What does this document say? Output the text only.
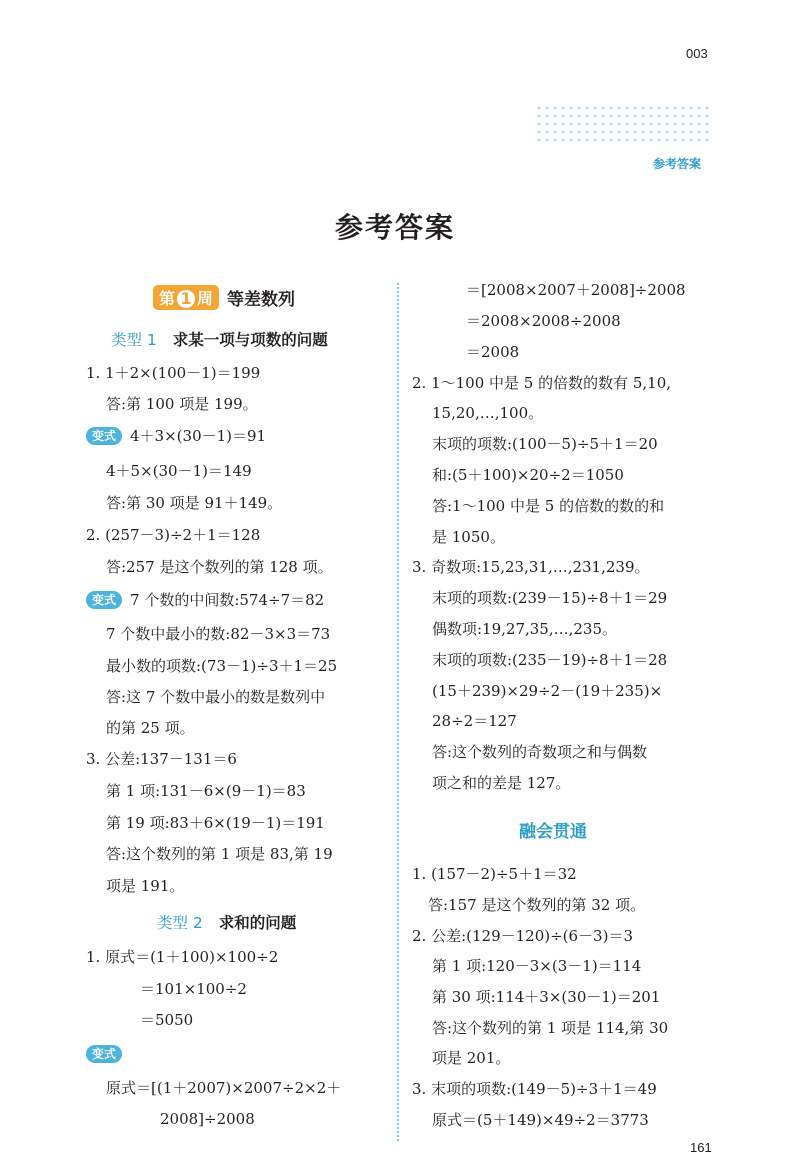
003
参考答案
参考答案
第 1 周 等差数列
类型 1 求某一项与项数的问题
1. 1＋2×(100－1)＝199
答:第 100 项是 199。
变式 4＋3×(30－1)＝91
4＋5×(30－1)＝149
答:第 30 项是 91＋149。
2. (257－3)÷2＋1＝128
答:257 是这个数列的第 128 项。
变式 7 个数的中间数:574÷7＝82
7 个数中最小的数:82－3×3＝73
最小数的项数:(73－1)÷3＋1＝25
答:这 7 个数中最小的数是数列中
的第 25 项。
3. 公差:137－131＝6
第 1 项:131－6×(9－1)＝83
第 19 项:83＋6×(19－1)＝191
答:这个数列的第 1 项是 83,第 19
项是 191。
类型 2 求和的问题
1. 原式＝(1＋100)×100÷2
＝101×100÷2
＝5050
变式
原式＝[(1＋2007)×2007÷2×2＋
2008]÷2008
＝[2008×2007＋2008]÷2008
＝2008×2008÷2008
＝2008
2. 1～100 中是 5 的倍数的数有 5,10,
15,20,…,100。
末项的项数:(100－5)÷5＋1＝20
和:(5＋100)×20÷2＝1050
答:1～100 中是 5 的倍数的数的和
是 1050。
3. 奇数项:15,23,31,…,231,239。
末项的项数:(239－15)÷8＋1＝29
偶数项:19,27,35,…,235。
末项的项数:(235－19)÷8＋1＝28
(15＋239)×29÷2－(19＋235)×
28÷2＝127
答:这个数列的奇数项之和与偶数
项之和的差是 127。
融会贯通
1. (157－2)÷5＋1＝32
答:157 是这个数列的第 32 项。
2. 公差:(129－120)÷(6－3)＝3
第 1 项:120－3×(3－1)＝114
第 30 项:114＋3×(30－1)＝201
答:这个数列的第 1 项是 114,第 30
项是 201。
3. 末项的项数:(149－5)÷3＋1＝49
原式＝(5＋149)×49÷2＝3773
161
